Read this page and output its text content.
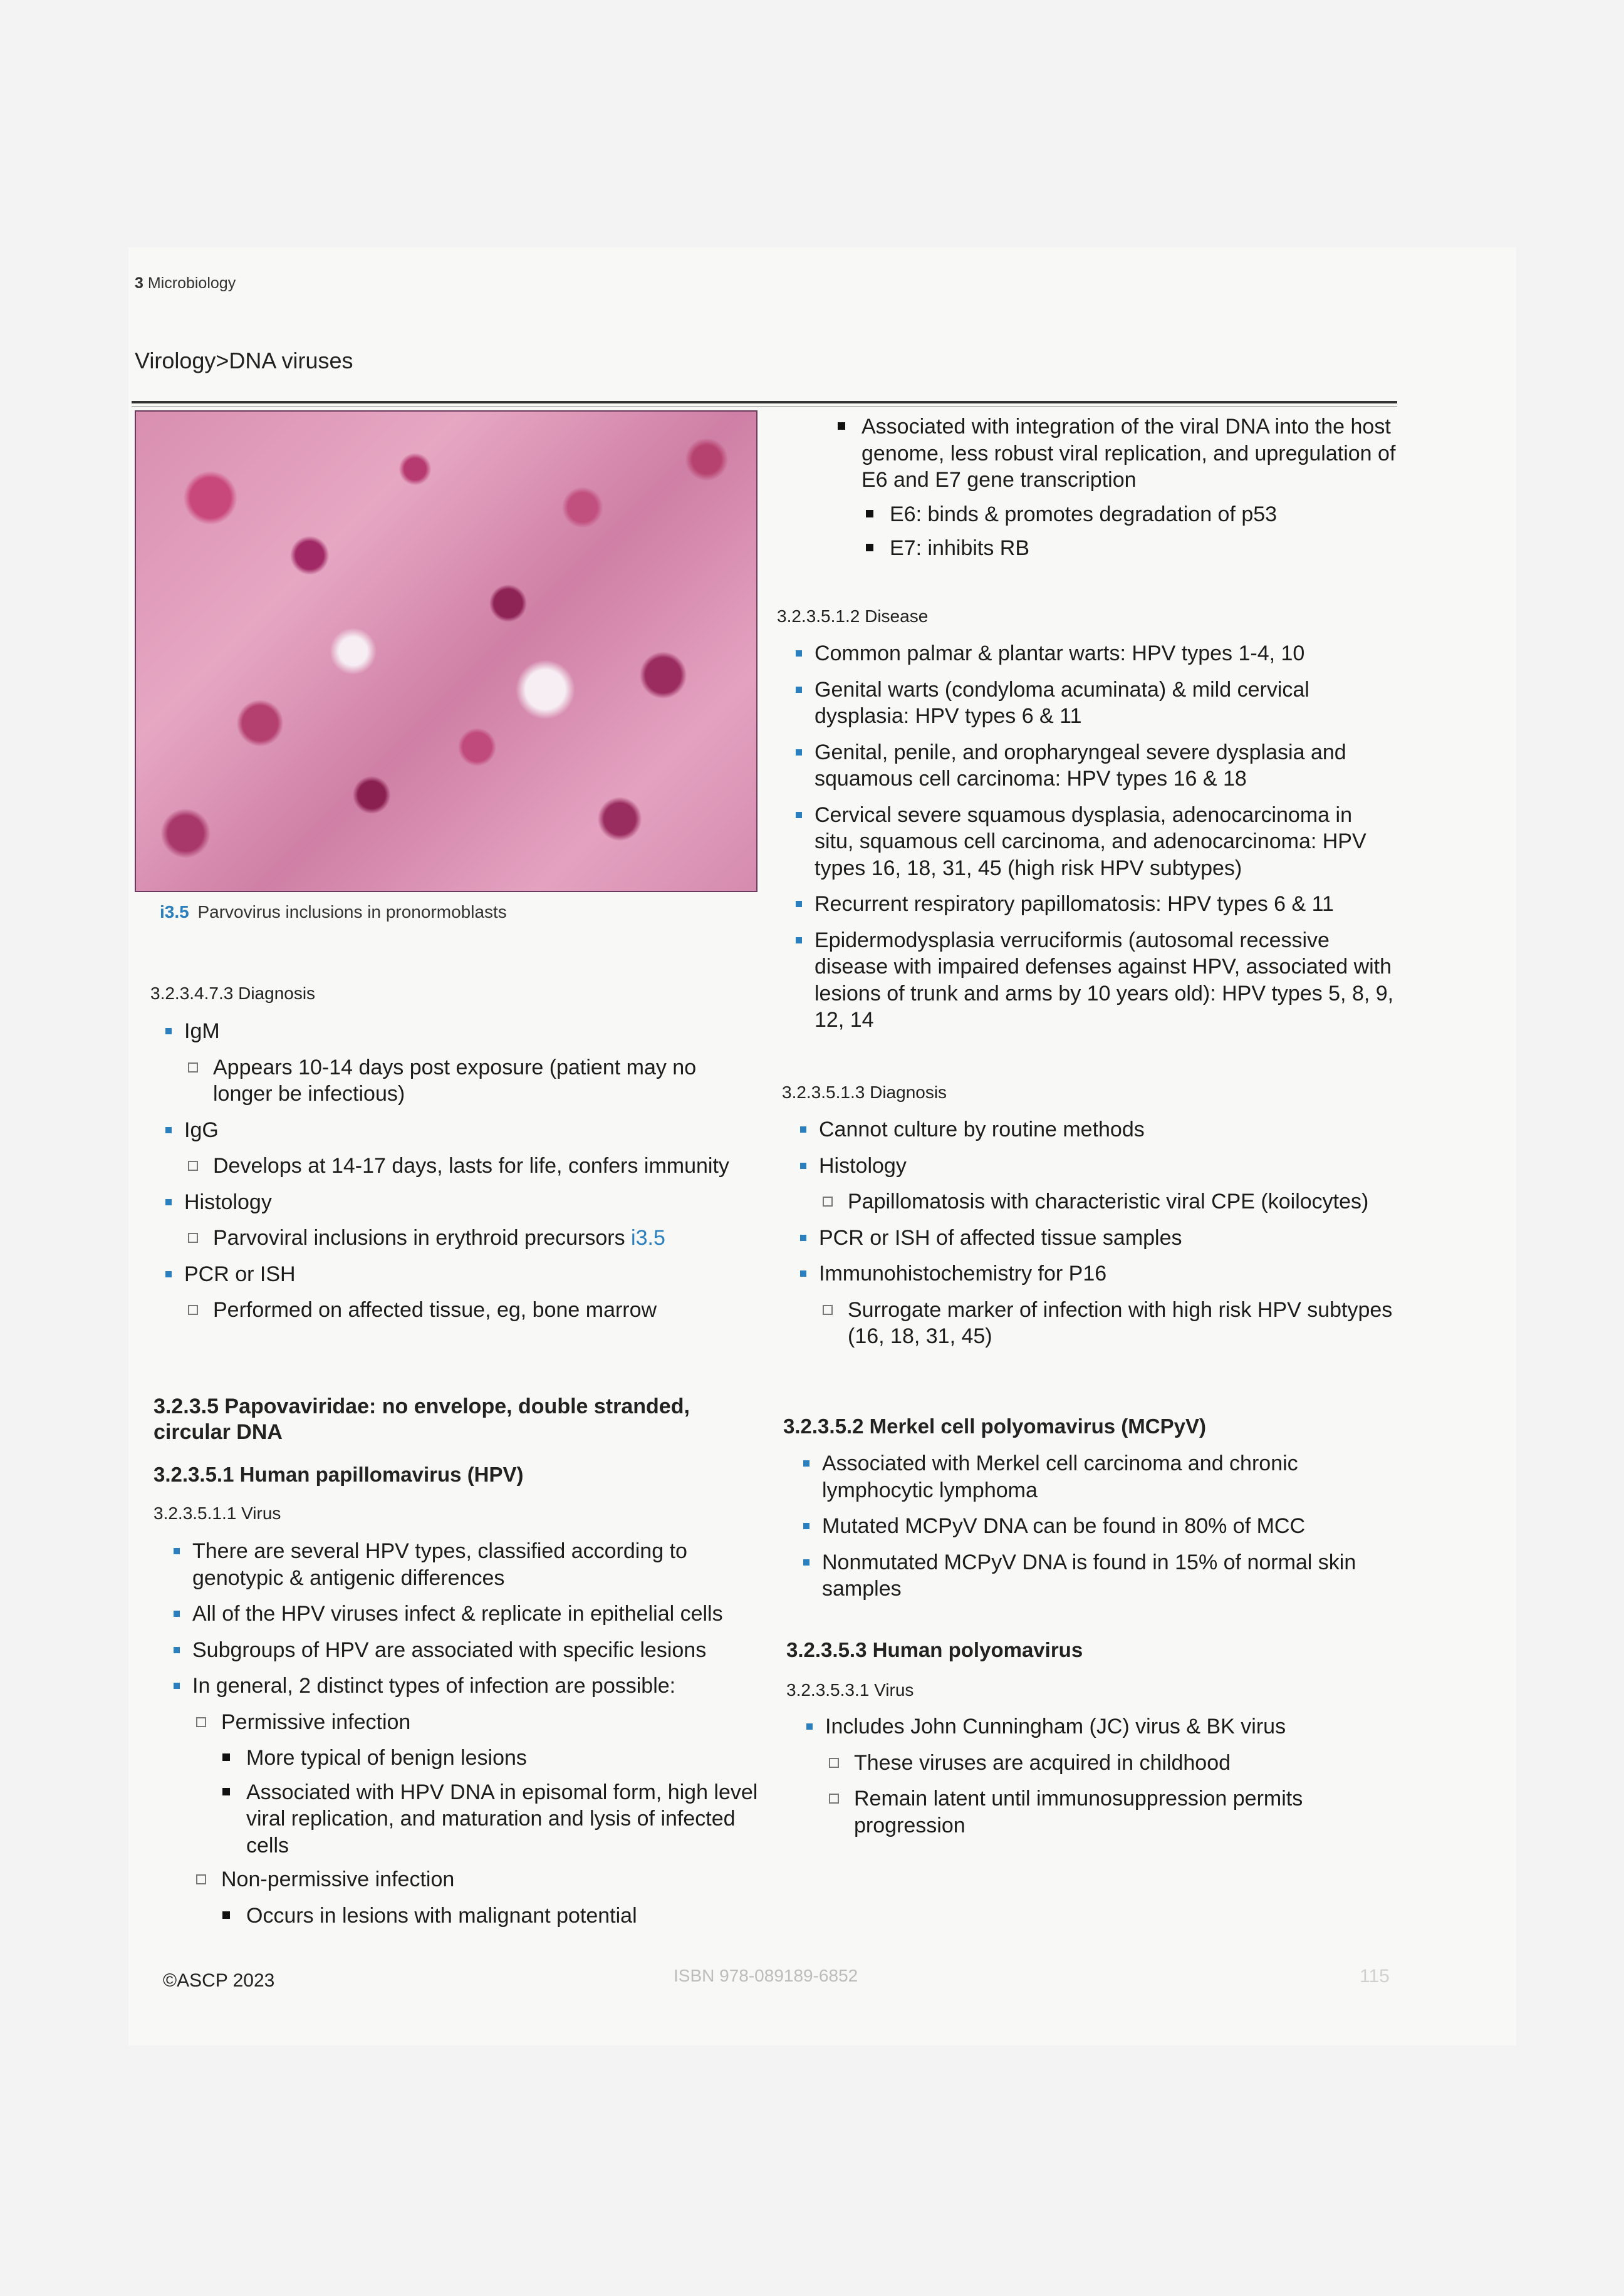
3 Microbiology
Virology>DNA viruses
i3.5 Parvovirus inclusions in pronormoblasts
3.2.3.4.7.3 Diagnosis
IgM
Appears 10-14 days post exposure (patient may no longer be infectious)
IgG
Develops at 14-17 days, lasts for life, confers immunity
Histology
Parvoviral inclusions in erythroid precursors i3.5
PCR or ISH
Performed on affected tissue, eg, bone marrow
3.2.3.5 Papovaviridae: no envelope, double stranded, circular DNA
3.2.3.5.1 Human papillomavirus (HPV)
3.2.3.5.1.1 Virus
There are several HPV types, classified according to genotypic & antigenic differences
All of the HPV viruses infect & replicate in epithelial cells
Subgroups of HPV are associated with specific lesions
In general, 2 distinct types of infection are possible:
Permissive infection
More typical of benign lesions
Associated with HPV DNA in episomal form, high level viral replication, and maturation and lysis of infected cells
Non-permissive infection
Occurs in lesions with malignant potential
Associated with integration of the viral DNA into the host genome, less robust viral replication, and upregulation of E6 and E7 gene transcription
E6: binds & promotes degradation of p53
E7: inhibits RB
3.2.3.5.1.2 Disease
Common palmar & plantar warts: HPV types 1-4, 10
Genital warts (condyloma acuminata) & mild cervical dysplasia: HPV types 6 & 11
Genital, penile, and oropharyngeal severe dysplasia and squamous cell carcinoma: HPV types 16 & 18
Cervical severe squamous dysplasia, adenocarcinoma in situ, squamous cell carcinoma, and adenocarcinoma: HPV types 16, 18, 31, 45 (high risk HPV subtypes)
Recurrent respiratory papillomatosis: HPV types 6 & 11
Epidermodysplasia verruciformis (autosomal recessive disease with impaired defenses against HPV, associated with lesions of trunk and arms by 10 years old): HPV types 5, 8, 9, 12, 14
3.2.3.5.1.3 Diagnosis
Cannot culture by routine methods
Histology
Papillomatosis with characteristic viral CPE (koilocytes)
PCR or ISH of affected tissue samples
Immunohistochemistry for P16
Surrogate marker of infection with high risk HPV subtypes (16, 18, 31, 45)
3.2.3.5.2 Merkel cell polyomavirus (MCPyV)
Associated with Merkel cell carcinoma and chronic lymphocytic lymphoma
Mutated MCPyV DNA can be found in 80% of MCC
Nonmutated MCPyV DNA is found in 15% of normal skin samples
3.2.3.5.3 Human polyomavirus
3.2.3.5.3.1 Virus
Includes John Cunningham (JC) virus & BK virus
These viruses are acquired in childhood
Remain latent until immunosuppression permits progression
©ASCP 2023	ISBN 978-089189-6852	115
